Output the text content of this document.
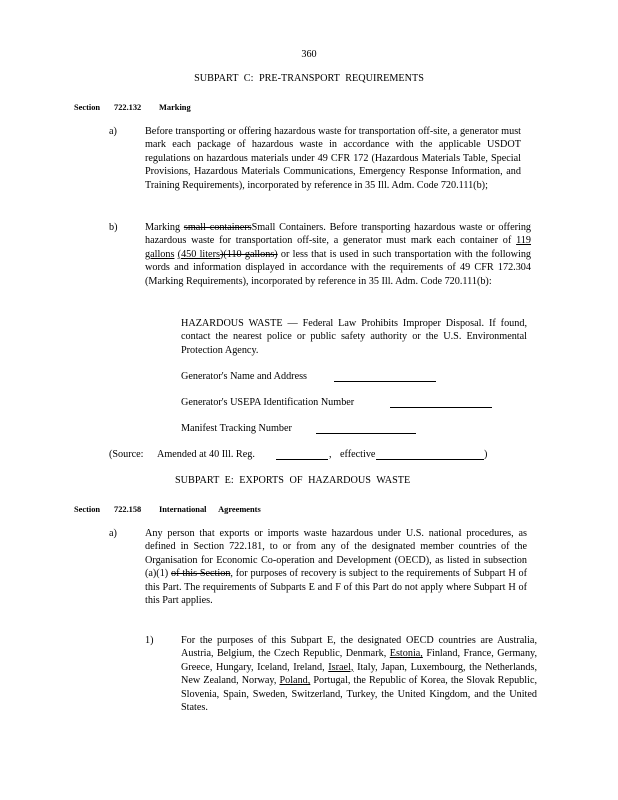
360
SUBPART C: PRE-TRANSPORT REQUIREMENTS
Section 722.132 Marking
a)	Before transporting or offering hazardous waste for transportation off-site, a generator must mark each package of hazardous waste in accordance with the applicable USDOT regulations on hazardous materials under 49 CFR 172 (Hazardous Materials Table, Special Provisions, Hazardous Materials Communications, Emergency Response Information, and Training Requirements), incorporated by reference in 35 Ill. Adm. Code 720.111(b);
b)	Marking small containersSmall Containers. Before transporting hazardous waste or offering hazardous waste for transportation off-site, a generator must mark each container of 119 gallons (450 liters)(110 gallons) or less that is used in such transportation with the following words and information displayed in accordance with the requirements of 49 CFR 172.304 (Marking Requirements), incorporated by reference in 35 Ill. Adm. Code 720.111(b):
HAZARDOUS WASTE — Federal Law Prohibits Improper Disposal. If found, contact the nearest police or public safety authority or the U.S. Environmental Protection Agency.
Generator's Name and Address
Generator's USEPA Identification Number
Manifest Tracking Number
(Source: Amended at 40 Ill. Reg.	, effective	)
SUBPART E: EXPORTS OF HAZARDOUS WASTE
Section 722.158 International Agreements
a)	Any person that exports or imports waste hazardous under U.S. national procedures, as defined in Section 722.181, to or from any of the designated member countries of the Organisation for Economic Co-operation and Development (OECD), as listed in subsection (a)(1) of this Section, for purposes of recovery is subject to the requirements of Subpart H of this Part. The requirements of Subparts E and F of this Part do not apply where Subpart H of this Part applies.
1)	For the purposes of this Subpart E, the designated OECD countries are Australia, Austria, Belgium, the Czech Republic, Denmark, Estonia, Finland, France, Germany, Greece, Hungary, Iceland, Ireland, Israel, Italy, Japan, Luxembourg, the Netherlands, New Zealand, Norway, Poland, Portugal, the Republic of Korea, the Slovak Republic, Slovenia, Spain, Sweden, Switzerland, Turkey, the United Kingdom, and the United States.
